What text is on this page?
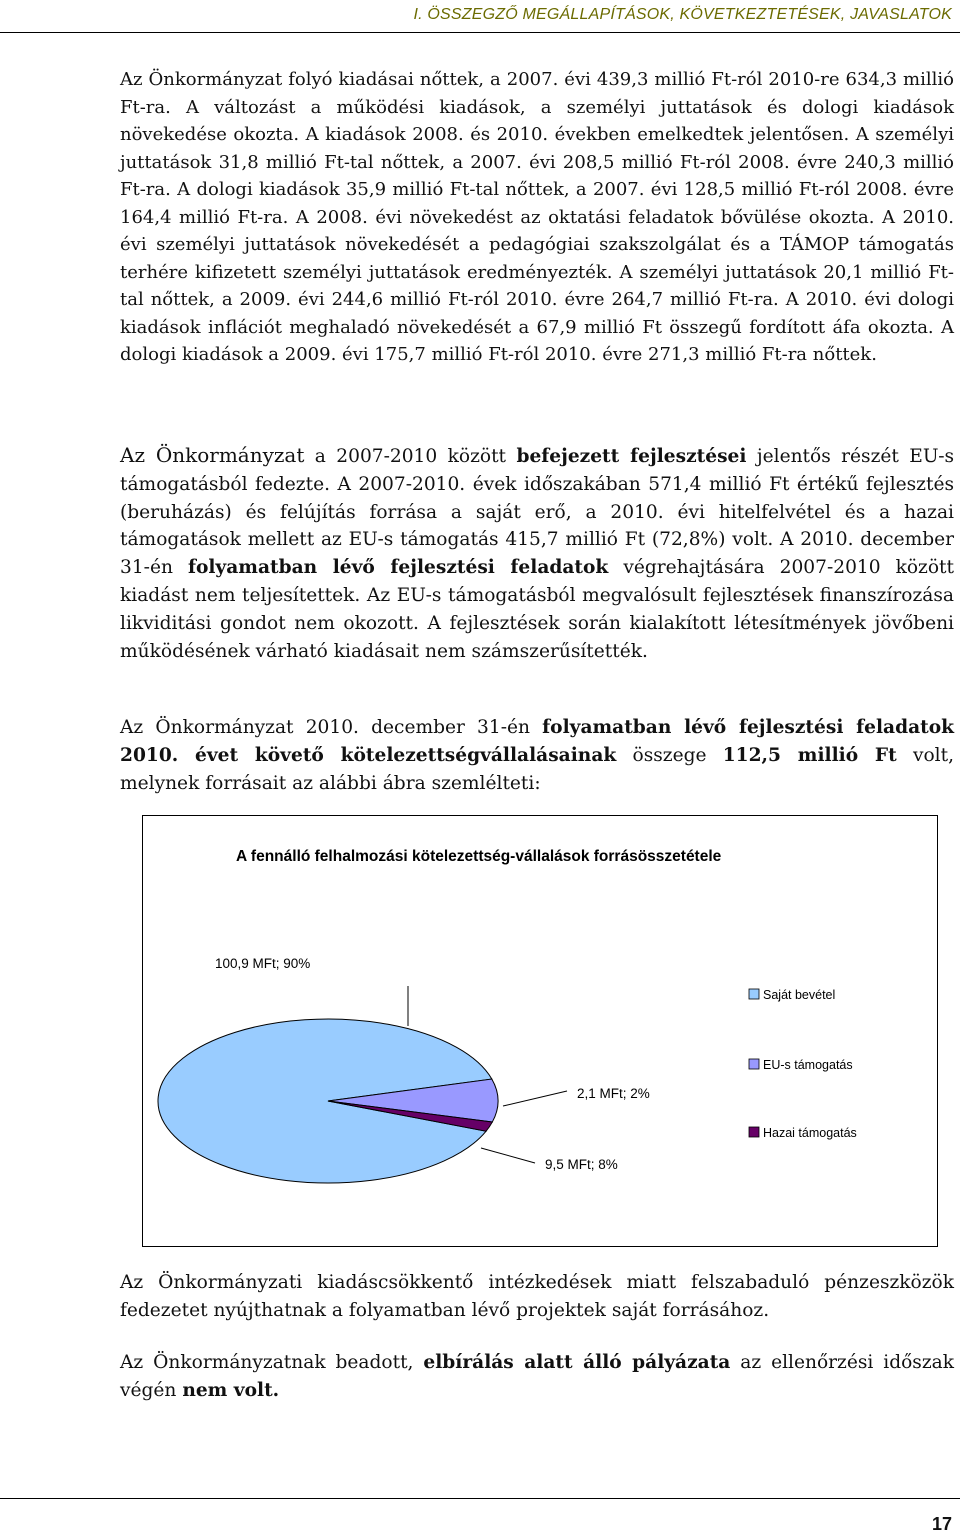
I. ÖSSZEGZŐ MEGÁLLAPÍTÁSOK, KÖVETKEZTETÉSEK, JAVASLATOK

Az Önkormányzat folyó kiadásai nőttek, a 2007. évi 439,3 millió Ft-ról 2010-re 634,3 millió Ft-ra. A változást a működési kiadások, a személyi juttatások és dologi kiadások növekedése okozta. A kiadások 2008. és 2010. években emelkedtek jelentősen. A személyi juttatások 31,8 millió Ft-tal nőttek, a 2007. évi 208,5 millió Ft-ról 2008. évre 240,3 millió Ft-ra. A dologi kiadások 35,9 millió Ft-tal nőttek, a 2007. évi 128,5 millió Ft-ról 2008. évre 164,4 millió Ft-ra. A 2008. évi növekedést az oktatási feladatok bővülése okozta. A 2010. évi személyi juttatások növekedését a pedagógiai szakszolgálat és a TÁMOP támogatás terhére kifizetett személyi juttatások eredményezték. A személyi juttatások 20,1 millió Ft-tal nőttek, a 2009. évi 244,6 millió Ft-ról 2010. évre 264,7 millió Ft-ra. A 2010. évi dologi kiadások inflációt meghaladó növekedését a 67,9 millió Ft összegű fordított áfa okozta. A dologi kiadások a 2009. évi 175,7 millió Ft-ról 2010. évre 271,3 millió Ft-ra nőttek.

Az Önkormányzat a 2007-2010 között befejezett fejlesztései jelentős részét EU-s támogatásból fedezte. A 2007-2010. évek időszakában 571,4 millió Ft értékű fejlesztés (beruházás) és felújítás forrása a saját erő, a 2010. évi hitelfelvétel és a hazai támogatások mellett az EU-s támogatás 415,7 millió Ft (72,8%) volt. A 2010. december 31-én folyamatban lévő fejlesztési feladatok végrehajtására 2007-2010 között kiadást nem teljesítettek. Az EU-s támogatásból megvalósult fejlesztések finanszírozása likviditási gondot nem okozott. A fejlesztések során kialakított létesítmények jövőbeni működésének várható kiadásait nem számszerűsítették.

Az Önkormányzat 2010. december 31-én folyamatban lévő fejlesztési feladatok 2010. évet követő kötelezettségvállalásainak összege 112,5 millió Ft volt, melynek forrásait az alábbi ábra szemlélteti:

A fennálló felhalmozási kötelezettség-vállalások forrásösszetétele
100,9 MFt; 90%
9,5 MFt; 8%
2,1 MFt; 2%
Saját bevétel
EU-s támogatás
Hazai támogatás

Az Önkormányzati kiadáscsökkentő intézkedések miatt felszabaduló pénzeszközök fedezetet nyújthatnak a folyamatban lévő projektek saját forrásához.

Az Önkormányzatnak beadott, elbírálás alatt álló pályázata az ellenőrzési időszak végén nem volt.

17
